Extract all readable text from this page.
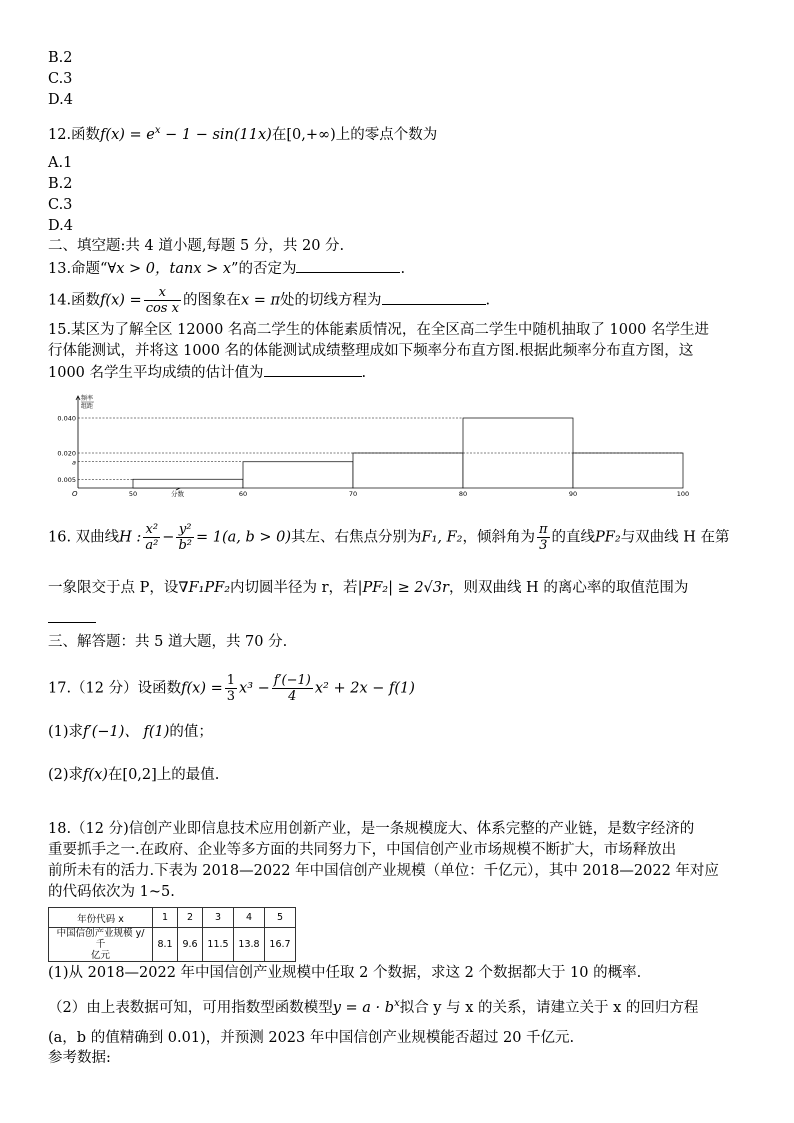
B.2
C.3
D.4
12.函数$f(x) = e^x - 1 - \sin(11x)$在[0,+∞)上的零点个数为
A.1
B.2
C.3
D.4
二、填空题:共 4 道小题,每题 5 分，共 20 分.
13.命题“∀x > 0，tanx > x”的否定为	.
14.函数$f(x) = \frac{x}{\text{cos x}}$ 的图象在x = π处的切线方程为	.
15.某区为了解全区 12000 名高二学生的体能素质情况，在全区高二学生中随机抽取了 1000 名学生进
行体能测试，并将这 1000 名的体能测试成绩整理成如下频率分布直方图.根据此频率分布直方图，这
1000 名学生平均成绩的估计值为	.
0.040
0.020
a
0.005
50	60	70	80	90	100
O	分数
频率
组距
16. 双曲线H : $\frac{\text{x²}}{\text{a²}} - \frac{\text{y²}}{\text{b²}} = 1(a$, b > 0)其左、右焦点分别为F₁, F₂，倾斜角为 $\frac{\pi}{3}$ 的直线PF₂与双曲线 H 在第
一象限交于点 P，设∇F₁PF₂内切圆半径为 r，若|PF₂| ≥ 2√3r，则双曲线 H 的离心率的取值范围为
三、解答题：共 5 道大题，共 70 分.
17.（12 分）设函数$f(x) = \frac{1}{3} x^3 - \frac{f'(-1)}{4} x^2 + 2x - f(1)$
(1)求f′(−1)、 f(1)的值；
(2)求f(x)在[0,2]上的最值.
18.（12 分)信创产业即信息技术应用创新产业，是一条规模庞大、体系完整的产业链，是数字经济的
重要抓手之一.在政府、企业等多方面的共同努力下，中国信创产业市场规模不断扩大，市场释放出
前所未有的活力.下表为 2018—2022 年中国信创产业规模（单位：千亿元），其中 2018—2022 年对应
的代码依次为 1~5.
年份代码 x	1	2	3	4	5
中国信创产业规模 y/千
亿元	8.1	9.6	11.5	13.8	16.7
(1)从 2018—2022 年中国信创产业规模中任取 2 个数据，求这 2 个数据都大于 10 的概率.
（2）由上表数据可知，可用指数型函数模型$y = a \cdot b^x$拟合 y 与 x 的关系，请建立关于 x 的回归方程
(a，b 的值精确到 0.01)，并预测 2023 年中国信创产业规模能否超过 20 千亿元.
参考数据:
